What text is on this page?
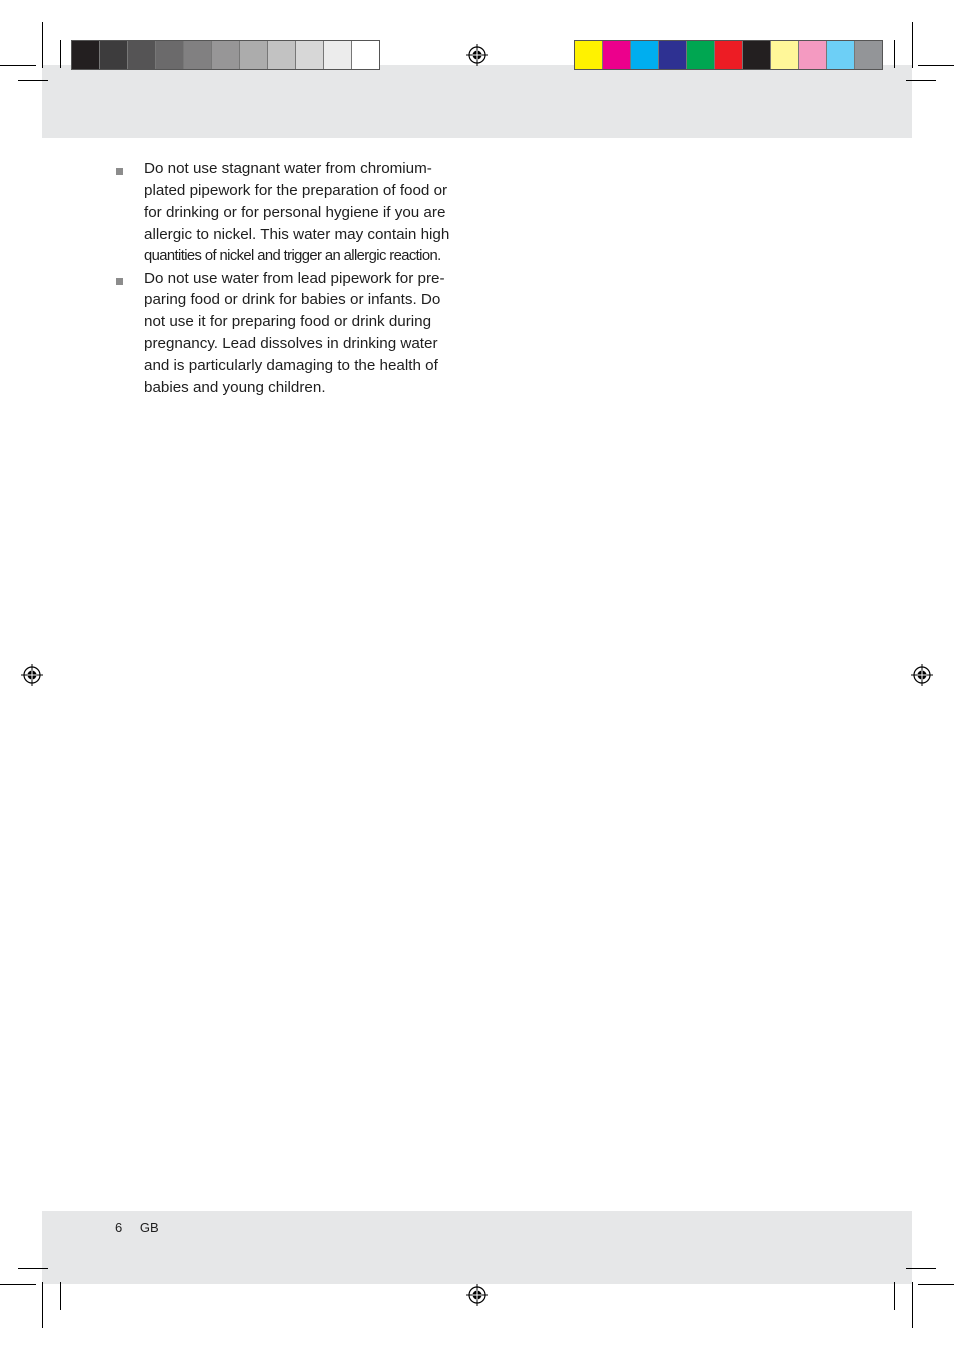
Do not use stagnant water from chromium-
plated pipework for the preparation of food or
for drinking or for personal hygiene if you are
allergic to nickel. This water may contain high
quantities of nickel and trigger an allergic reaction.

Do not use water from lead pipework for pre-
paring food or drink for babies or infants. Do
not use it for preparing food or drink during
pregnancy. Lead dissolves in drinking water
and is particularly damaging to the health of
babies and young children.

6 GB
